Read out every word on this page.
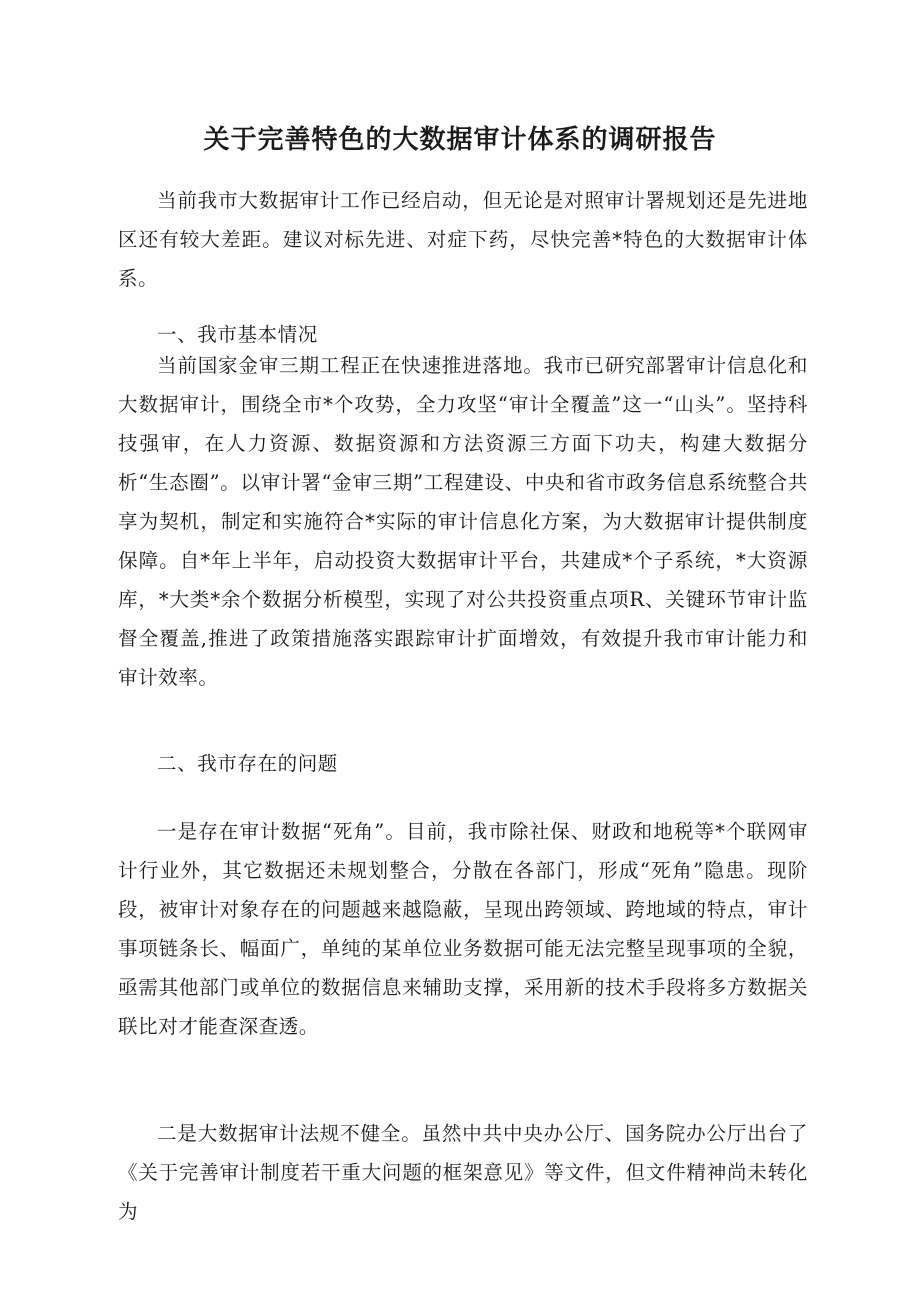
关于完善特色的大数据审计体系的调研报告

当前我市大数据审计工作已经启动，但无论是对照审计署规划还是先进地区还有较大差距。建议对标先进、对症下药，尽快完善*特色的大数据审计体系。

一、我市基本情况

当前国家金审三期工程正在快速推进落地。我市已研究部署审计信息化和大数据审计，围绕全市*个攻势，全力攻坚“审计全覆盖”这一“山头”。坚持科技强审，在人力资源、数据资源和方法资源三方面下功夫，构建大数据分析“生态圈”。以审计署“金审三期”工程建设、中央和省市政务信息系统整合共享为契机，制定和实施符合*实际的审计信息化方案，为大数据审计提供制度保障。自*年上半年，启动投资大数据审计平台，共建成*个子系统，*大资源库，*大类*余个数据分析模型，实现了对公共投资重点项R、关键环节审计监督全覆盖,推进了政策措施落实跟踪审计扩面增效，有效提升我市审计能力和审计效率。

二、我市存在的问题

一是存在审计数据“死角”。目前，我市除社保、财政和地税等*个联网审计行业外，其它数据还未规划整合，分散在各部门，形成“死角”隐患。现阶段，被审计对象存在的问题越来越隐蔽，呈现出跨领域、跨地域的特点，审计事项链条长、幅面广，单纯的某单位业务数据可能无法完整呈现事项的全貌，亟需其他部门或单位的数据信息来辅助支撑，采用新的技术手段将多方数据关联比对才能查深查透。

二是大数据审计法规不健全。虽然中共中央办公厅、国务院办公厅出台了《关于完善审计制度若干重大问题的框架意见》等文件，但文件精神尚未转化为
